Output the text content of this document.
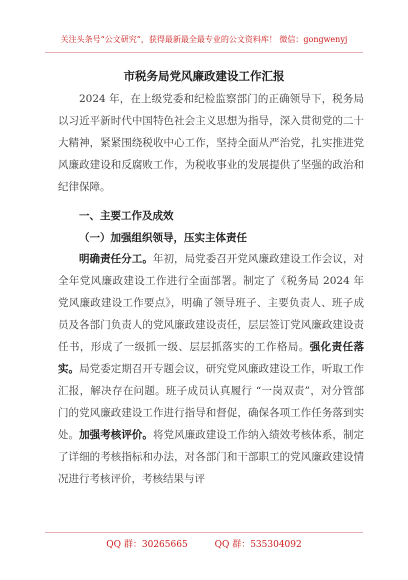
关注头条号“公文研究”，获得最新最全最专业的公文资料库！ 微信：gongwenyj
市税务局党风廉政建设工作汇报

2024 年，在上级党委和纪检监察部门的正确领导下，税务局以习近平新时代中国特色社会主义思想为指导，深入贯彻党的二十大精神，紧紧围绕税收中心工作，坚持全面从严治党，扎实推进党风廉政建设和反腐败工作，为税收事业的发展提供了坚强的政治和纪律保障。

一、主要工作及成效

（一）加强组织领导，压实主体责任

明确责任分工。年初，局党委召开党风廉政建设工作会议，对全年党风廉政建设工作进行全面部署。制定了《税务局 2024 年党风廉政建设工作要点》，明确了领导班子、主要负责人、班子成员及各部门负责人的党风廉政建设责任，层层签订党风廉政建设责任书，形成了一级抓一级、层层抓落实的工作格局。强化责任落实。局党委定期召开专题会议，研究党风廉政建设工作，听取工作汇报，解决存在问题。班子成员认真履行 “一岗双责”，对分管部门的党风廉政建设工作进行指导和督促，确保各项工作任务落到实处。加强考核评价。将党风廉政建设工作纳入绩效考核体系，制定了详细的考核指标和办法，对各部门和干部职工的党风廉政建设情况进行考核评价，考核结果与评

QQ 群：30265665	QQ 群：535304092
